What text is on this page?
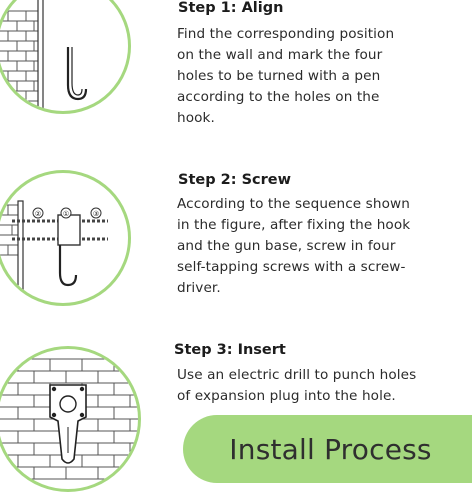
Step 1: Align
Find the corresponding position
on the wall and mark the four
holes to be turned with a pen
according to the holes on the
hook.
②	①	③
Step 2: Screw
According to the sequence shown
in the figure, after fixing the hook
and the gun base, screw in four
self-tapping screws with a screw-
driver.
Step 3: Insert
Use an electric drill to punch holes
of expansion plug into the hole.
Install Process
